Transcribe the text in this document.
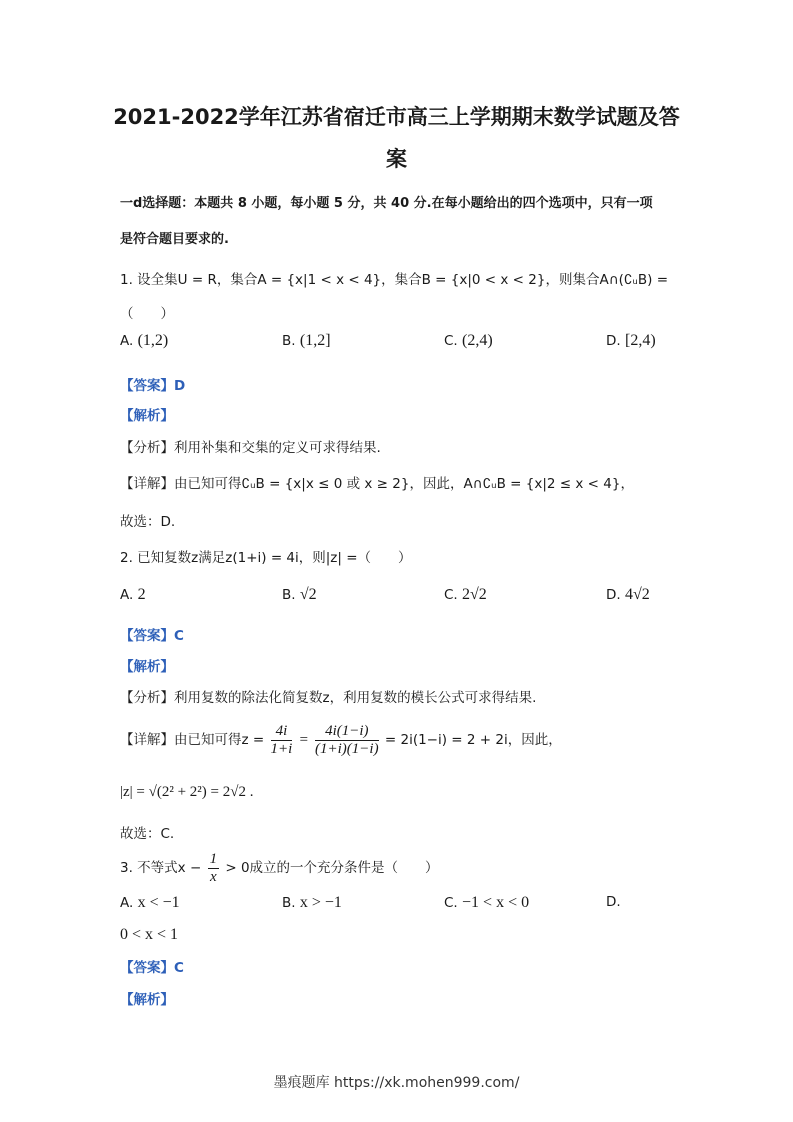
2021-2022学年江苏省宿迁市高三上学期期末数学试题及答案
一d选择题：本题共 8 小题，每小题 5 分，共 40 分.在每小题给出的四个选项中，只有一项
是符合题目要求的.
1. 设全集U = R，集合A = {x|1 < x < 4}，集合B = {x|0 < x < 2}，则集合A∩(∁ᵤB) =
（　　）
A. (1,2)	B. (1,2]	C. (2,4)	D. [2,4)
【答案】D
【解析】
【分析】利用补集和交集的定义可求得结果.
【详解】由已知可得∁ᵤB = {x|x ≤ 0 或 x ≥ 2}，因此，A∩∁ᵤB = {x|2 ≤ x < 4}，
故选：D.
2. 已知复数z满足z(1+i) = 4i，则|z| =（　　）
A. 2	B. √2	C. 2√2	D. 4√2
【答案】C
【解析】
【分析】利用复数的除法化简复数z，利用复数的模长公式可求得结果.
【详解】由已知可得$z = \frac{4i}{1+i} = \frac{4i(1-i)}{(1+i)(1-i)} = 2i(1-i) = 2 + 2i$，因此，
|z| = √(2² + 2²) = 2√2 .
故选：C.
3. 不等式$x - \frac{1}{x} > 0$成立的一个充分条件是（　　）
A. x < −1	B. x > −1	C. −1 < x < 0	D.
0 < x < 1
【答案】C
【解析】
墨痕题库 https://xk.mohen999.com/
